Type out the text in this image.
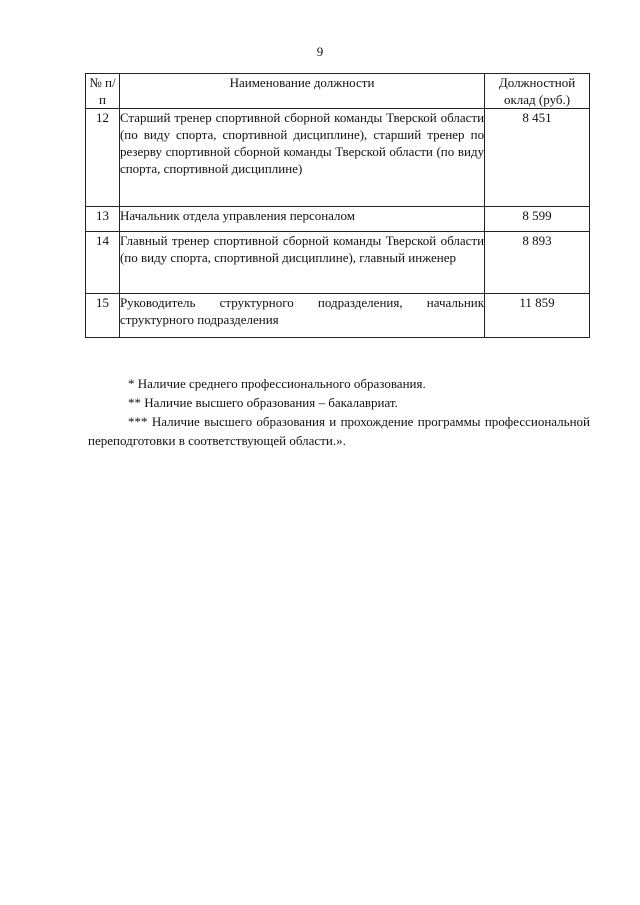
9
№ п/п	Наименование должности	Должностной оклад (руб.)
12	Старший тренер спортивной сборной команды Тверской области (по виду спорта, спортивной дисциплине), старший тренер по резерву спортивной сборной команды Тверской области (по виду спорта, спортивной дисциплине)	8 451
13	Начальник отдела управления персоналом	8 599
14	Главный тренер спортивной сборной команды Тверской области (по виду спорта, спортивной дисциплине), главный инженер	8 893
15	Руководитель структурного подразделения, начальник структурного подразделения	11 859

* Наличие среднего профессионального образования.

** Наличие высшего образования – бакалавриат.

*** Наличие высшего образования и прохождение программы профессиональной переподготовки в соответствующей области.».
